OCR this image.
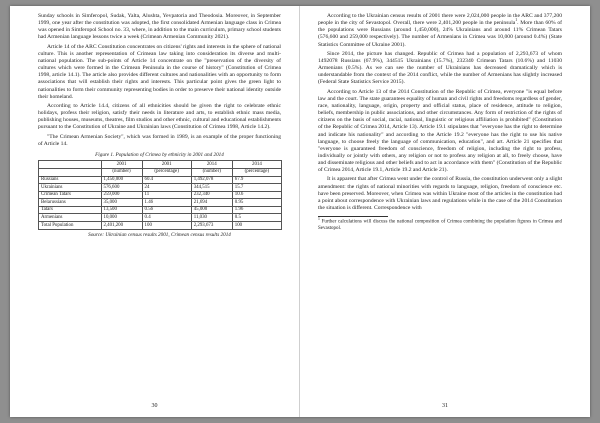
Sunday schools in Simferopol, Sudak, Yalta, Alushta, Yevpatoria and Theodosia. Moreover, in September 1999, one year after the constitution was adopted, the first consolidated Armenian language class in Crimea was opened in Simferopol School no. 33, where, in addition to the main curriculum, primary school students had Armenian language lessons twice a week (Crimean Armenian Community 2021).

Article 14 of the ARC Constitution concentrates on citizens' rights and interests in the sphere of national culture. This is another representation of Crimean law taking into consideration its diverse and multi-national population. The sub-points of Article 14 concentrate on the "preservation of the diversity of cultures which were formed in the Crimean Peninsula in the course of history" (Constitution of Crimea 1998, article 14.1). The article also provides different cultures and nationalities with an opportunity to form associations that will establish their rights and interests. This particular point gives the green light to nationalities to form their community representing bodies in order to preserve their national identity outside their homeland.

According to Article 14.4, citizens of all ethnicities should be given the right to celebrate ethnic holidays, profess their religion, satisfy their needs in literature and arts, to establish ethnic mass media, publishing houses, museums, theatres, film studios and other ethnic, cultural and educational establishments pursuant to the Constitution of Ukraine and Ukrainian laws (Constitution of Crimea 1998, Article 14.2).

"The Crimean Armenian Society", which was formed in 1989, is an example of the proper functioning of Article 14.

Figure 1. Population of Crimea by ethnicity in 2001 and 2014
	2001	2001	2014	2014
	(number)	(percentage)	(number)	(percentage)
Russians	1,450,000	60.4	1,492,078	67.9
Ukrainians	576,600	24	344,515	15.7
Crimean Tatars	259,000	11	232,340	10.6
Belarussians	35,000	1.46	21,694	0.95
Tatars	13,500	0.56	45,000	1.96
Armenians	10,000	0.4	11,030	0.5
Total Population	2,401,200	100	2,293,673	100
Source: Ukrainian census results 2001, Crimean census results 2014
30

According to the Ukrainian census results of 2001 there were 2,024,000 people in the ARC and 377,200 people in the city of Sevastopol. Overall, there were 2,401,200 people in the peninsula$^1$. More than 60% of the populations were Russians (around 1,450,000), 24% Ukrainians and around 11% Crimean Tatars (576,600 and 259,000 respectively). The number of Armenians in Crimea was 10,000 (around 0.4%) (State Statistics Committee of Ukraine 2001).

Since 2014, the picture has changed. Republic of Crimea had a population of 2,293,673 of whom 1492078 Russians (67.9%), 344515 Ukrainians (15.7%), 232340 Crimean Tatars (10.6%) and 11030 Armenians (0.5%). As we can see the number of Ukrainians has decreased dramatically which is understandable from the context of the 2014 conflict, while the number of Armenians has slightly increased (Federal State Statistics Service 2015).

According to Article 13 of the 2014 Constitution of the Republic of Crimea, everyone "is equal before law and the court. The state guarantees equality of human and civil rights and freedoms regardless of gender, race, nationality, language, origin, property and official status, place of residence, attitude to religion, beliefs, membership in public associations, and other circumstances. Any form of restriction of the rights of citizens on the basis of social, racial, national, linguistic or religious affiliation is prohibited" (Constitution of the Republic of Crimea 2014, Article 13). Article 19.1 stipulates that "everyone has the right to determine and indicate his nationality" and according to the Article 19.2 "everyone has the right to use his native language, to choose freely the language of communication, education", and art. Article 21 specifies that "everyone is guaranteed freedom of conscience, freedom of religion, including the right to profess, individually or jointly with others, any religion or not to profess any religion at all, to freely choose, have and disseminate religious and other beliefs and to act in accordance with them" (Constitution of the Republic of Crimea 2014, Article 19.1, Article 19.2 and Article 21).

It is apparent that after Crimea went under the control of Russia, the constitution underwent only a slight amendment: the rights of national minorities with regards to language, religion, freedom of conscience etc. have been preserved. Moreover, when Crimea was within Ukraine most of the articles in the constitution had a point about correspondence with Ukrainian laws and regulations while in the case of the 2014 Constitution the situation is different. Correspondence with

$^1$ Further calculations will discuss the national composition of Crimea combining the population figures in Crimea and Sevastopol.

31
